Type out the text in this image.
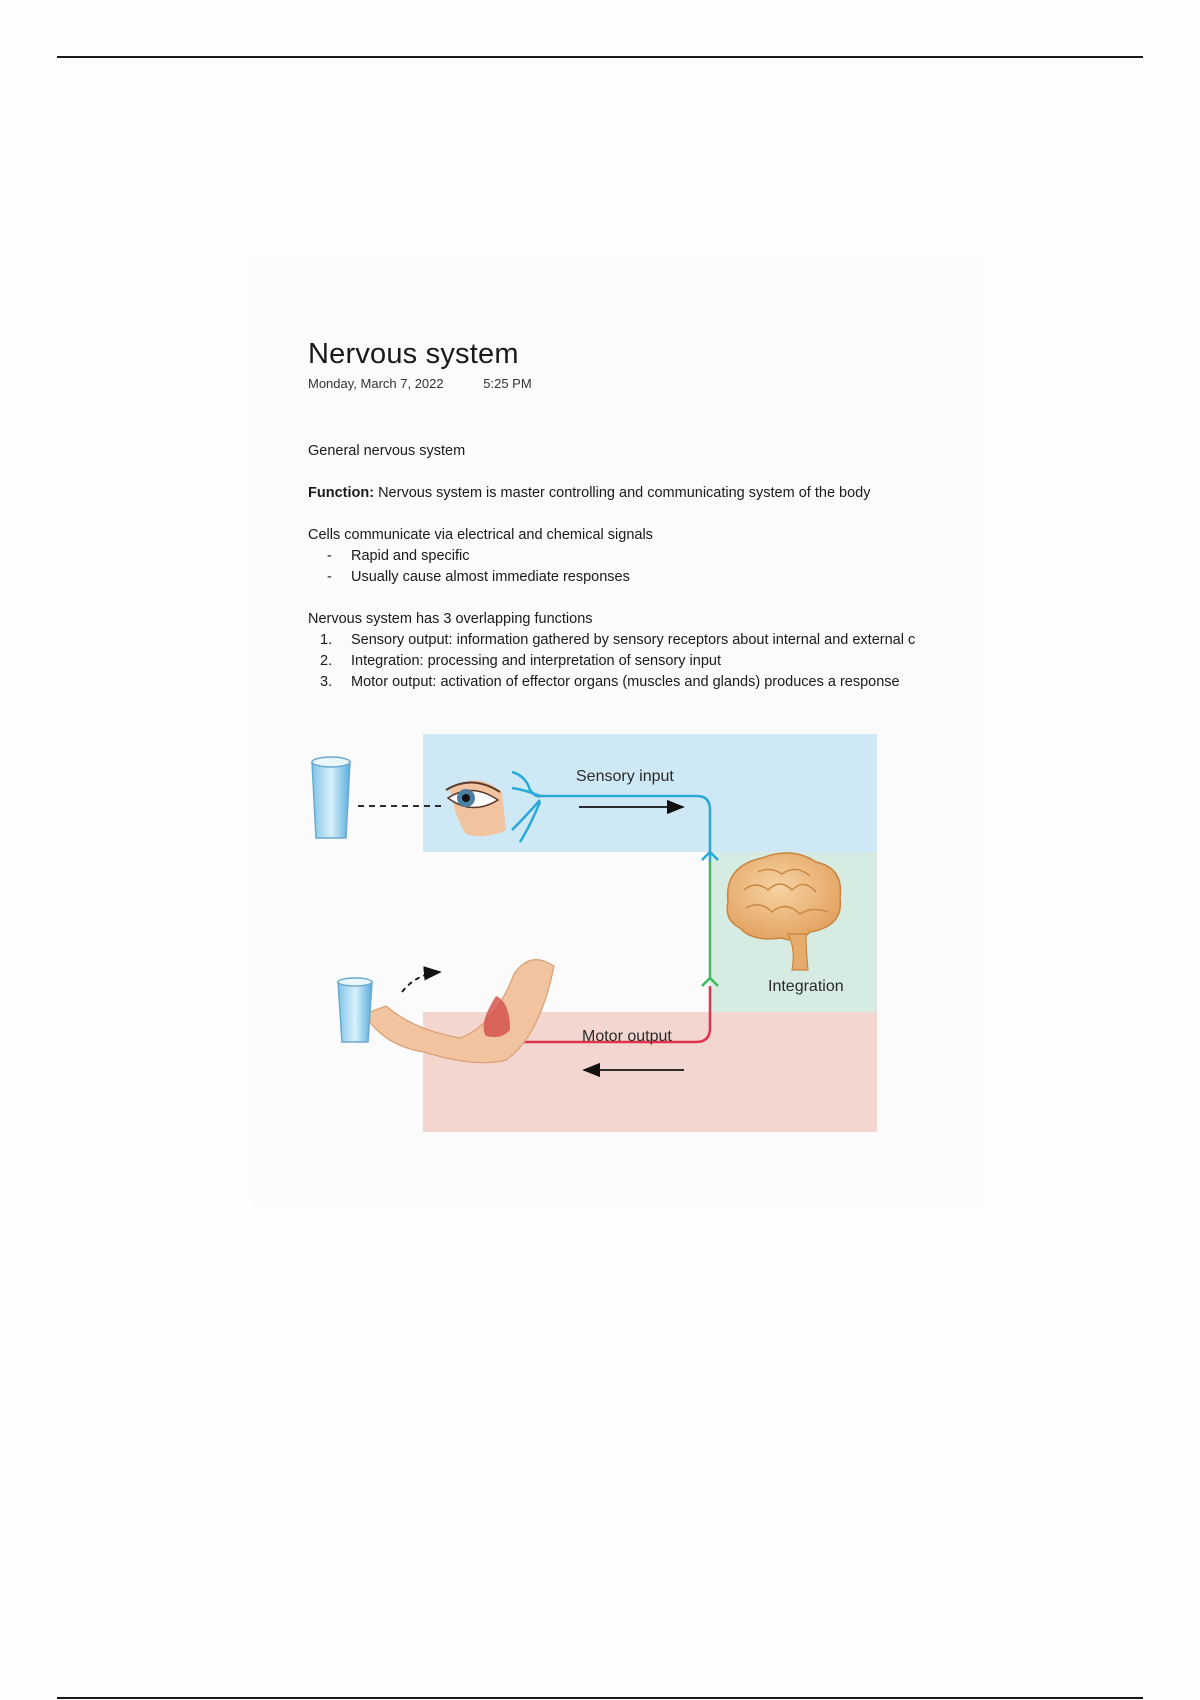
Nervous system
Monday, March 7, 2022	5:25 PM

General nervous system

Function: Nervous system is master controlling and communicating system of the body

Cells communicate via electrical and chemical signals

- Rapid and specific
- Usually cause almost immediate responses

Nervous system has 3 overlapping functions

1. Sensory output: information gathered by sensory receptors about internal and external c
2. Integration: processing and interpretation of sensory input
3. Motor output: activation of effector organs (muscles and glands) produces a response
Sensory input
Integration
Motor output
